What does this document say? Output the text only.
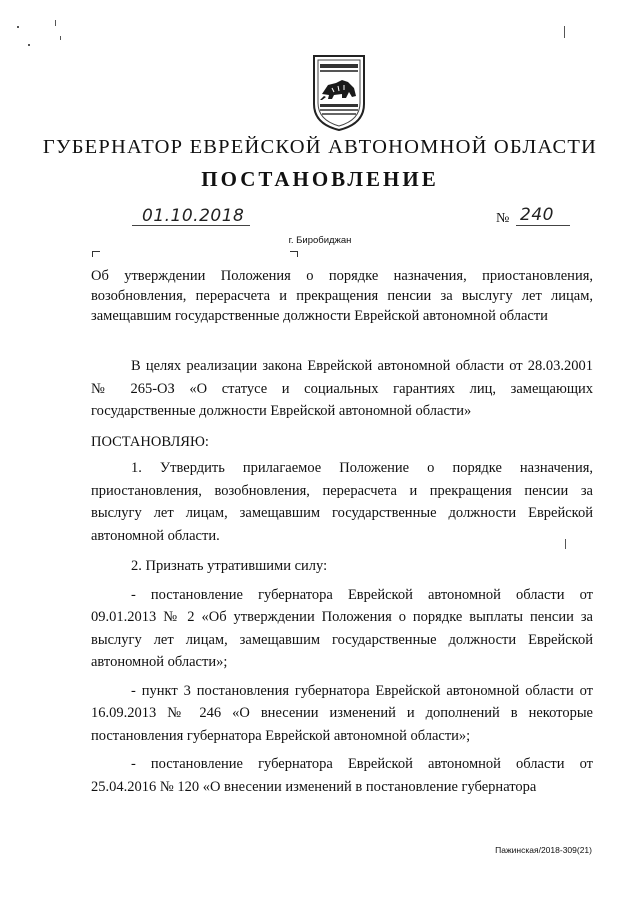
ГУБЕРНАТОР ЕВРЕЙСКОЙ АВТОНОМНОЙ ОБЛАСТИ
ПОСТАНОВЛЕНИЕ
01.10.2018	№ 240
г. Биробиджан
Об утверждении Положения о порядке назначения, приостановления, возобновления, перерасчета и прекращения пенсии за выслугу лет лицам, замещавшим государственные должности Еврейской автономной области

В целях реализации закона Еврейской автономной области от 28.03.2001 № 265-ОЗ «О статусе и социальных гарантиях лиц, замещающих государственные должности Еврейской автономной области»

ПОСТАНОВЛЯЮ:

1. Утвердить прилагаемое Положение о порядке назначения, приостановления, возобновления, перерасчета и прекращения пенсии за выслугу лет лицам, замещавшим государственные должности Еврейской автономной области.

2. Признать утратившими силу:

- постановление губернатора Еврейской автономной области от 09.01.2013 № 2 «Об утверждении Положения о порядке выплаты пенсии за выслугу лет лицам, замещавшим государственные должности Еврейской автономной области»;

- пункт 3 постановления губернатора Еврейской автономной области от 16.09.2013 № 246 «О внесении изменений и дополнений в некоторые постановления губернатора Еврейской автономной области»;

- постановление губернатора Еврейской автономной области от 25.04.2016 № 120 «О внесении изменений в постановление губернатора

Пажинская/2018-309(21)
